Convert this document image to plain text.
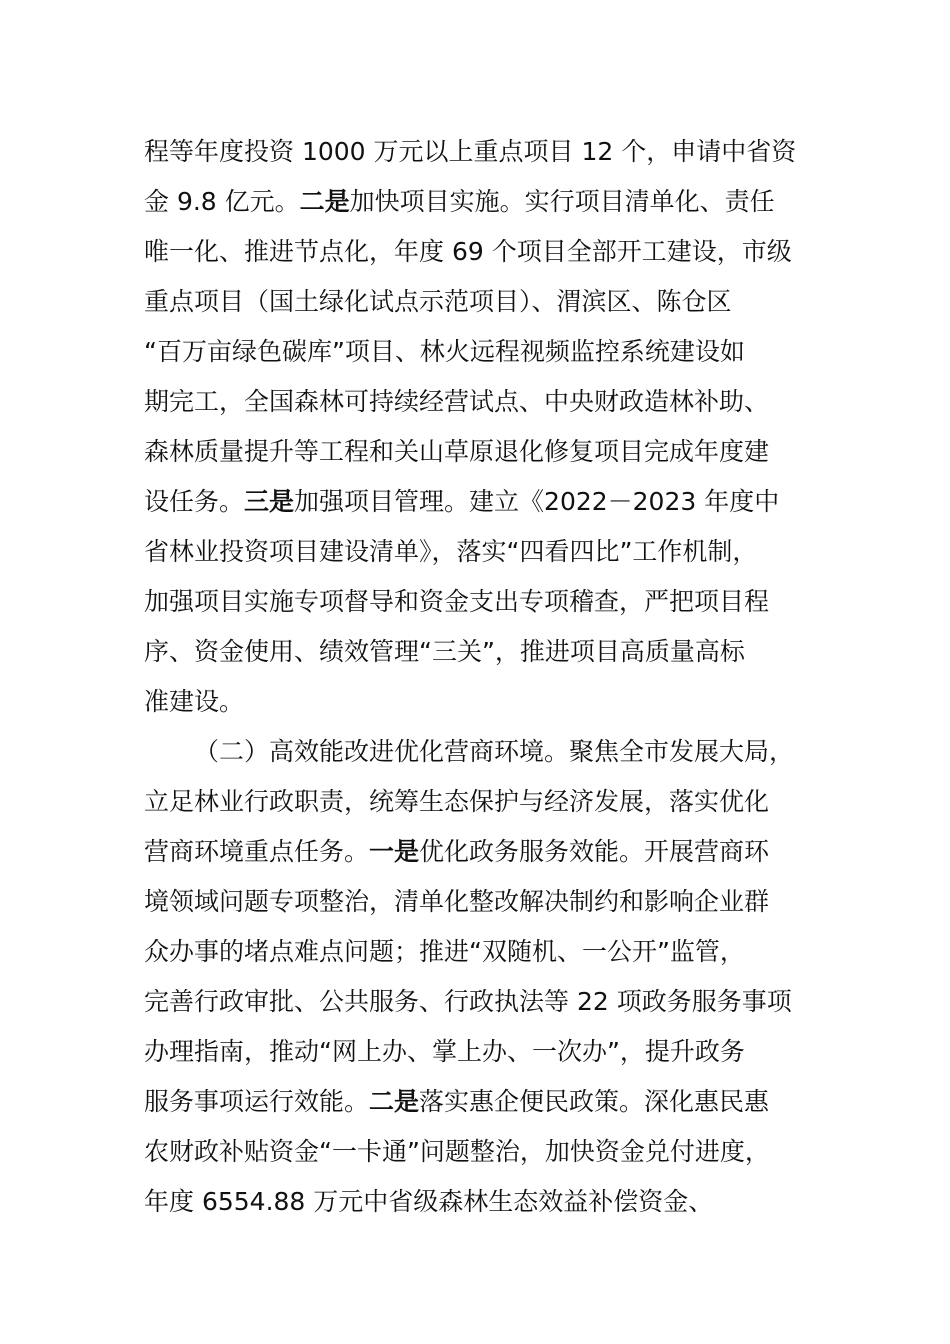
程等年度投资 1000 万元以上重点项目 12 个，申请中省资
金 9.8 亿元。二是加快项目实施。实行项目清单化、责任
唯一化、推进节点化，年度 69 个项目全部开工建设，市级
重点项目（国土绿化试点示范项目）、渭滨区、陈仓区
“百万亩绿色碳库”项目、林火远程视频监控系统建设如
期完工，全国森林可持续经营试点、中央财政造林补助、
森林质量提升等工程和关山草原退化修复项目完成年度建
设任务。三是加强项目管理。建立《2022－2023 年度中
省林业投资项目建设清单》，落实“四看四比”工作机制，
加强项目实施专项督导和资金支出专项稽查，严把项目程
序、资金使用、绩效管理“三关”，推进项目高质量高标
准建设。
（二）高效能改进优化营商环境。聚焦全市发展大局，
立足林业行政职责，统筹生态保护与经济发展，落实优化
营商环境重点任务。一是优化政务服务效能。开展营商环
境领域问题专项整治，清单化整改解决制约和影响企业群
众办事的堵点难点问题；推进“双随机、一公开”监管，
完善行政审批、公共服务、行政执法等 22 项政务服务事项
办理指南，推动“网上办、掌上办、一次办”，提升政务
服务事项运行效能。二是落实惠企便民政策。深化惠民惠
农财政补贴资金“一卡通”问题整治，加快资金兑付进度，
年度 6554.88 万元中省级森林生态效益补偿资金、
